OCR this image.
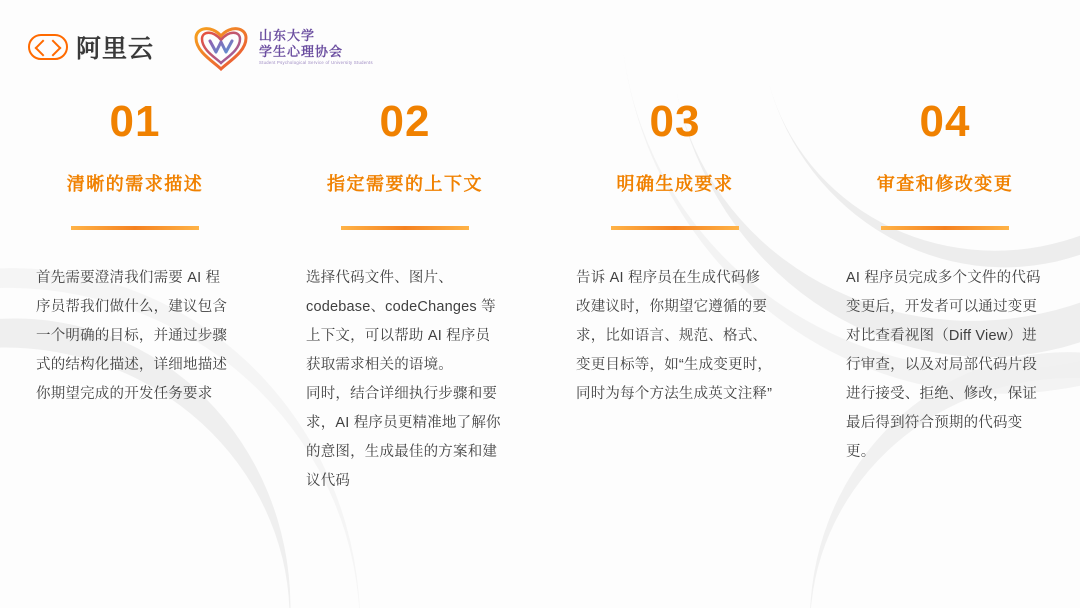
阿里云	山东大学
学生心理协会
Student Psychological Service of University Students
01
清晰的需求描述

首先需要澄清我们需要 AI 程序员帮我们做什么，建议包含一个明确的目标，并通过步骤式的结构化描述，详细地描述你期望完成的开发任务要求

02
指定需要的上下文

选择代码文件、图片、codebase、codeChanges 等上下文，可以帮助 AI 程序员获取需求相关的语境。

同时，结合详细执行步骤和要求，AI 程序员更精准地了解你的意图，生成最佳的方案和建议代码

03
明确生成要求

告诉 AI 程序员在生成代码修改建议时，你期望它遵循的要求，比如语言、规范、格式、变更目标等，如“生成变更时，同时为每个方法生成英文注释”

04
审查和修改变更

AI 程序员完成多个文件的代码变更后，开发者可以通过变更对比查看视图（Diff View）进行审查，以及对局部代码片段进行接受、拒绝、修改，保证最后得到符合预期的代码变更。
